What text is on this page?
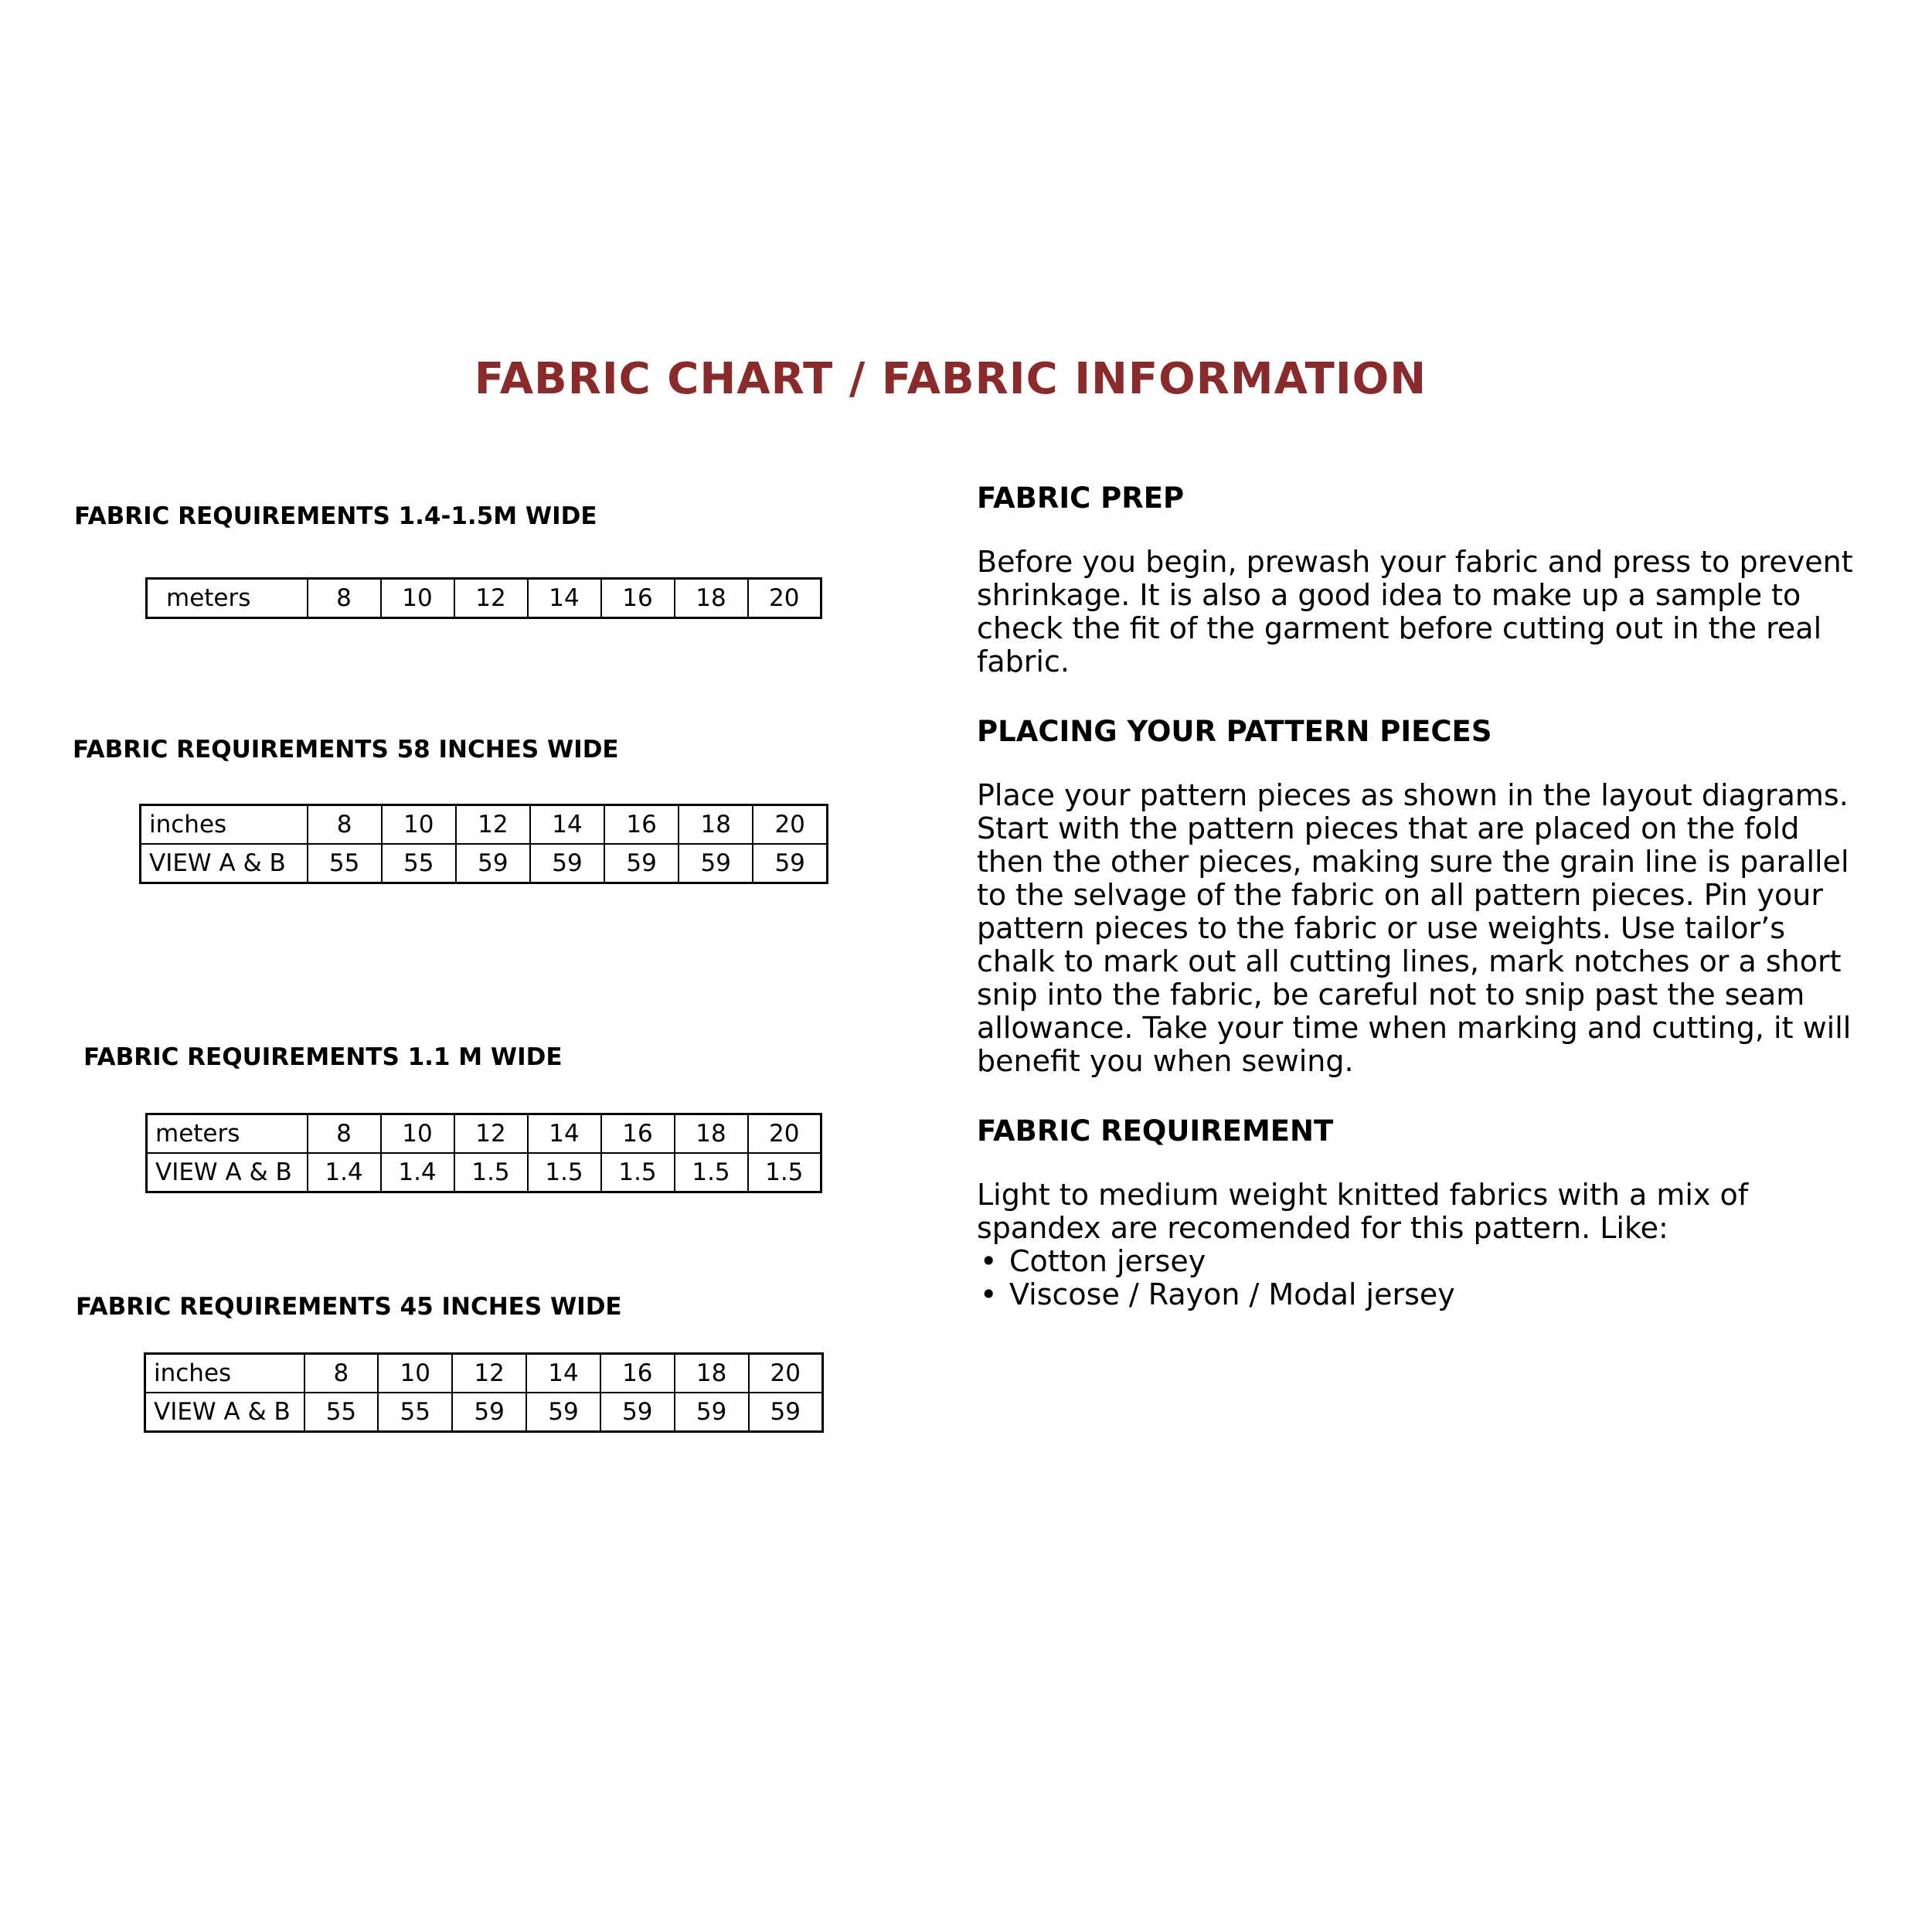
FABRIC CHART / FABRIC INFORMATION
FABRIC REQUIREMENTS 1.4-1.5M WIDE
meters	8	10	12	14	16	18	20
FABRIC REQUIREMENTS 58 INCHES WIDE
inches	8	10	12	14	16	18	20
VIEW A & B	55	55	59	59	59	59	59
FABRIC REQUIREMENTS 1.1 M WIDE
meters	8	10	12	14	16	18	20
VIEW A & B	1.4	1.4	1.5	1.5	1.5	1.5	1.5
FABRIC REQUIREMENTS 45 INCHES WIDE
inches	8	10	12	14	16	18	20
VIEW A & B	55	55	59	59	59	59	59
FABRIC PREP

Before you begin, prewash your fabric and press to prevent shrinkage. It is also a good idea to make up a sample to check the fit of the garment before cutting out in the real fabric.

PLACING YOUR PATTERN PIECES

Place your pattern pieces as shown in the layout diagrams. Start with the pattern pieces that are placed on the fold then the other pieces, making sure the grain line is parallel to the selvage of the fabric on all pattern pieces. Pin your pattern pieces to the fabric or use weights. Use tailor’s chalk to mark out all cutting lines, mark notches or a short snip into the fabric, be careful not to snip past the seam allowance. Take your time when marking and cutting, it will benefit you when sewing.

FABRIC REQUIREMENT

Light to medium weight knitted fabrics with a mix of spandex are recomended for this pattern. Like:

• Cotton jersey
• Viscose / Rayon / Modal jersey
